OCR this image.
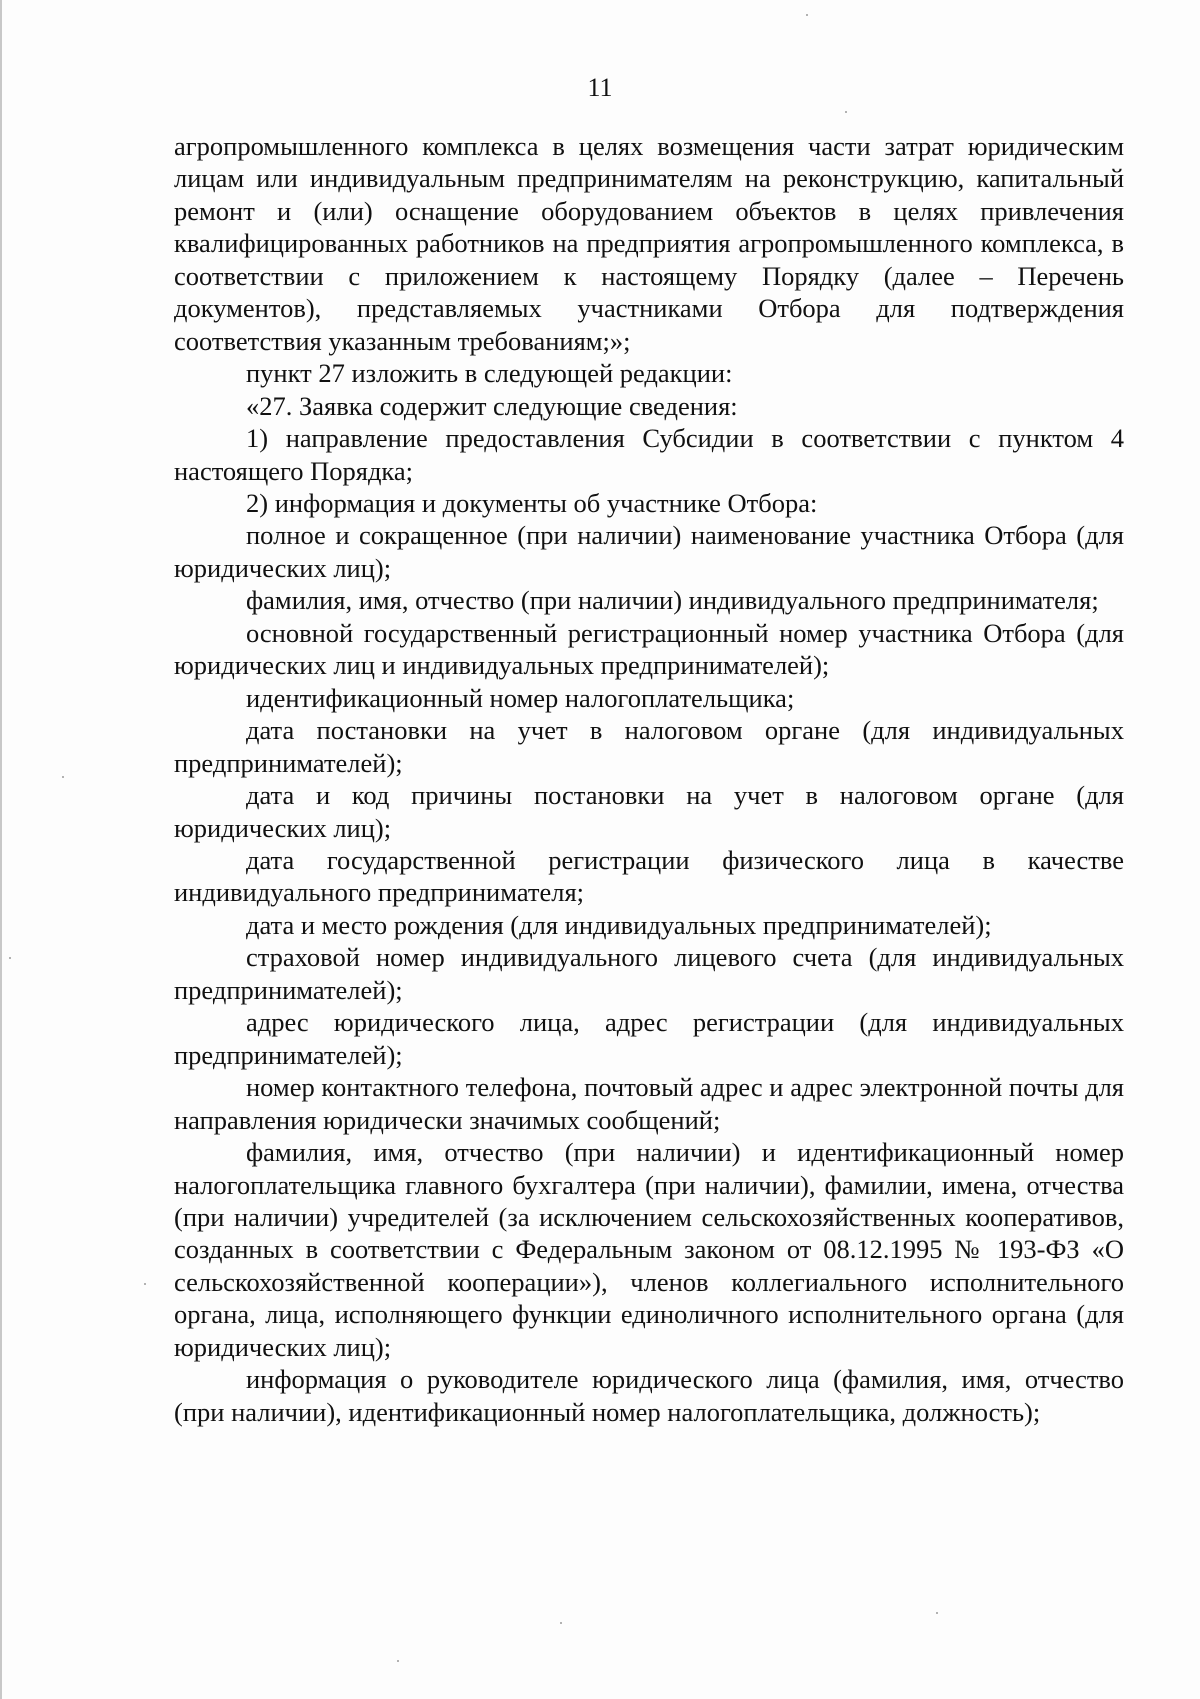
11

агропромышленного комплекса в целях возмещения части затрат юридическим лицам или индивидуальным предпринимателям на реконструкцию, капитальный ремонт и (или) оснащение оборудованием объектов в целях привлечения квалифицированных работников на предприятия агропромышленного комплекса, в соответствии с приложением к настоящему Порядку (далее – Перечень документов), представляемых участниками Отбора для подтверждения соответствия указанным требованиям;»;

пункт 27 изложить в следующей редакции:

«27. Заявка содержит следующие сведения:

1) направление предоставления Субсидии в соответствии с пунктом 4 настоящего Порядка;

2) информация и документы об участнике Отбора:

полное и сокращенное (при наличии) наименование участника Отбора (для юридических лиц);

фамилия, имя, отчество (при наличии) индивидуального предпринимателя;

основной государственный регистрационный номер участника Отбора (для юридических лиц и индивидуальных предпринимателей);

идентификационный номер налогоплательщика;

дата постановки на учет в налоговом органе (для индивидуальных предпринимателей);

дата и код причины постановки на учет в налоговом органе (для юридических лиц);

дата государственной регистрации физического лица в качестве индивидуального предпринимателя;

дата и место рождения (для индивидуальных предпринимателей);

страховой номер индивидуального лицевого счета (для индивидуальных предпринимателей);

адрес юридического лица, адрес регистрации (для индивидуальных предпринимателей);

номер контактного телефона, почтовый адрес и адрес электронной почты для направления юридически значимых сообщений;

фамилия, имя, отчество (при наличии) и идентификационный номер налогоплательщика главного бухгалтера (при наличии), фамилии, имена, отчества (при наличии) учредителей (за исключением сельскохозяйственных кооперативов, созданных в соответствии с Федеральным законом от 08.12.1995 № 193-ФЗ «О сельскохозяйственной кооперации»), членов коллегиального исполнительного органа, лица, исполняющего функции единоличного исполнительного органа (для юридических лиц);

информация о руководителе юридического лица (фамилия, имя, отчество (при наличии), идентификационный номер налогоплательщика, должность);
